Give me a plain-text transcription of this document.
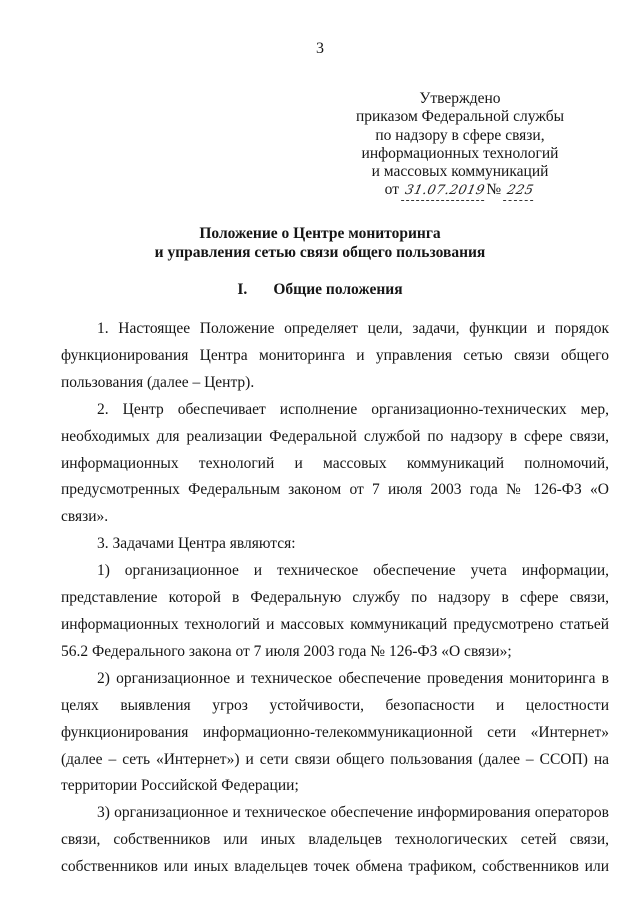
3
Утверждено
приказом Федеральной службы
по надзору в сфере связи,
информационных технологий
и массовых коммуникаций
от 31.07.2019№ 225
Положение о Центре мониторинга
и управления сетью связи общего пользования
I. Общие положения

1. Настоящее Положение определяет цели, задачи, функции и порядок функционирования Центра мониторинга и управления сетью связи общего пользования (далее – Центр).

2. Центр обеспечивает исполнение организационно-технических мер, необходимых для реализации Федеральной службой по надзору в сфере связи, информационных технологий и массовых коммуникаций полномочий, предусмотренных Федеральным законом от 7 июля 2003 года № 126-ФЗ «О связи».

3. Задачами Центра являются:

1) организационное и техническое обеспечение учета информации, представление которой в Федеральную службу по надзору в сфере связи, информационных технологий и массовых коммуникаций предусмотрено статьей 56.2 Федерального закона от 7 июля 2003 года № 126-ФЗ «О связи»;

2) организационное и техническое обеспечение проведения мониторинга в целях выявления угроз устойчивости, безопасности и целостности функционирования информационно-телекоммуникационной сети «Интернет» (далее – сеть «Интернет») и сети связи общего пользования (далее – ССОП) на территории Российской Федерации;

3) организационное и техническое обеспечение информирования операторов связи, собственников или иных владельцев технологических сетей связи, собственников или иных владельцев точек обмена трафиком, собственников или
